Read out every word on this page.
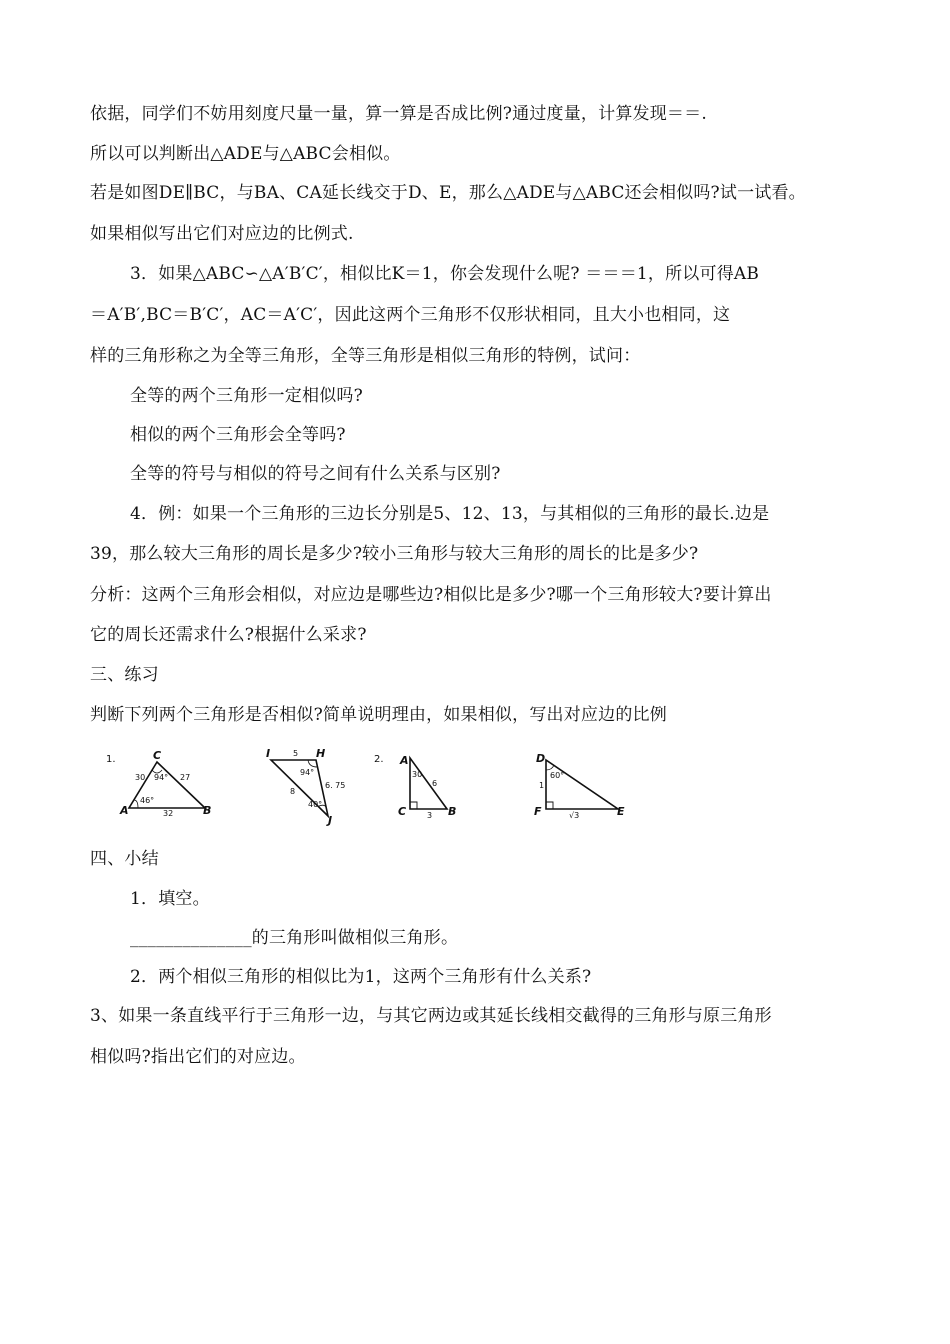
依据，同学们不妨用刻度尺量一量，算一算是否成比例?通过度量，计算发现＝＝.
所以可以判断出△ADE与△ABC会相似。
若是如图DE∥BC，与BA、CA延长线交于D、E，那么△ADE与△ABC还会相似吗?试一试看。
如果相似写出它们对应边的比例式.
3．如果△ABC∽△A′B′C′，相似比K＝1，你会发现什么呢? ＝＝＝1，所以可得AB
＝A′B′,BC＝B′C′，AC＝A′C′，因此这两个三角形不仅形状相同，且大小也相同，这
样的三角形称之为全等三角形，全等三角形是相似三角形的特例，试问：
全等的两个三角形一定相似吗?
相似的两个三角形会全等吗?
全等的符号与相似的符号之间有什么关系与区别?
4．例：如果一个三角形的三边长分别是5、12、13，与其相似的三角形的最长.边是
39，那么较大三角形的周长是多少?较小三角形与较大三角形的周长的比是多少?
分析：这两个三角形会相似，对应边是哪些边?相似比是多少?哪一个三角形较大?要计算出
它的周长还需求什么?根据什么采求?
三、练习
判断下列两个三角形是否相似?简单说明理由，如果相似，写出对应边的比例
1.	C
A	B
30	27
32
94°
46°
I	H
J
5
6. 75
8
94°
40°
2. A
C	B
6
3
30
D
F	E
1
√3
60°
四、小结
1．填空。
______________的三角形叫做相似三角形。
2．两个相似三角形的相似比为1，这两个三角形有什么关系?
3、如果一条直线平行于三角形一边，与其它两边或其延长线相交截得的三角形与原三角形
相似吗?指出它们的对应边。
